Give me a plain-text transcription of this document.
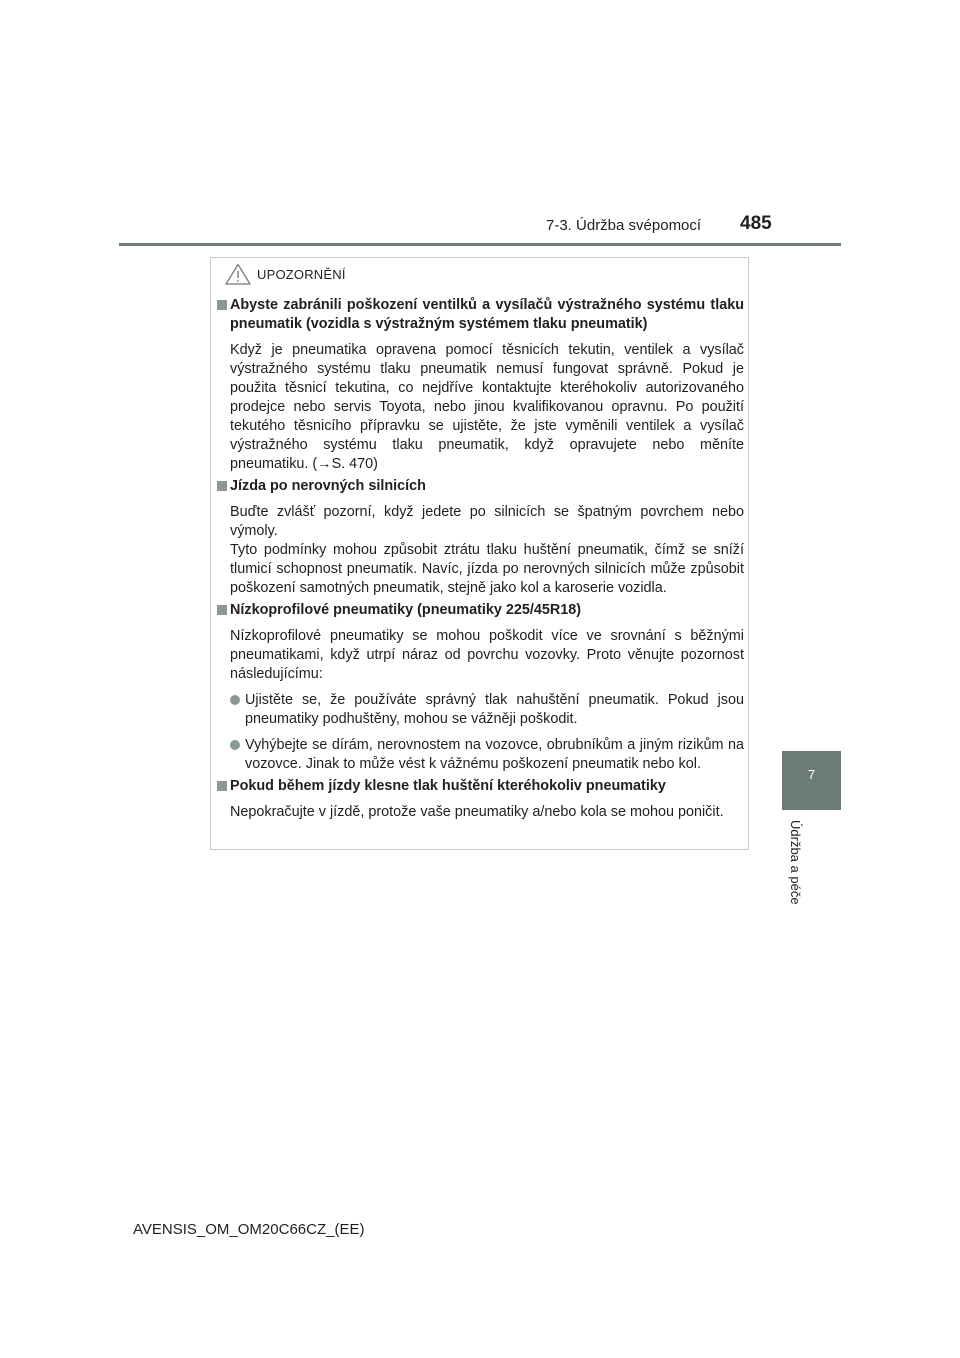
7-3. Údržba svépomocí 485
7
Údržba a péče
UPOZORNĚNÍ
Abyste zabránili poškození ventilků a vysílačů výstražného systému tlaku pneumatik (vozidla s výstražným systémem tlaku pneumatik)

Když je pneumatika opravena pomocí těsnicích tekutin, ventilek a vysílač výstražného systému tlaku pneumatik nemusí fungovat správně. Pokud je použita těsnicí tekutina, co nejdříve kontaktujte kteréhokoliv autorizovaného prodejce nebo servis Toyota, nebo jinou kvalifikovanou opravnu. Po použití tekutého těsnicího přípravku se ujistěte, že jste vyměnili ventilek a vysílač výstražného systému tlaku pneumatik, když opravujete nebo měníte pneumatiku. (→S. 470)

Jízda po nerovných silnicích

Buďte zvlášť pozorní, když jedete po silnicích se špatným povrchem nebo výmoly.

Tyto podmínky mohou způsobit ztrátu tlaku huštění pneumatik, čímž se sníží tlumicí schopnost pneumatik. Navíc, jízda po nerovných silnicích může způsobit poškození samotných pneumatik, stejně jako kol a karoserie vozidla.

Nízkoprofilové pneumatiky (pneumatiky 225/45R18)

Nízkoprofilové pneumatiky se mohou poškodit více ve srovnání s běžnými pneumatikami, když utrpí náraz od povrchu vozovky. Proto věnujte pozornost následujícímu:

Ujistěte se, že používáte správný tlak nahuštění pneumatik. Pokud jsou pneumatiky podhuštěny, mohou se vážněji poškodit.
Vyhýbejte se dírám, nerovnostem na vozovce, obrubníkům a jiným rizikům na vozovce. Jinak to může vést k vážnému poškození pneumatik nebo kol.
Pokud během jízdy klesne tlak huštění kteréhokoliv pneumatiky

Nepokračujte v jízdě, protože vaše pneumatiky a/nebo kola se mohou poničit.

AVENSIS_OM_OM20C66CZ_(EE)
